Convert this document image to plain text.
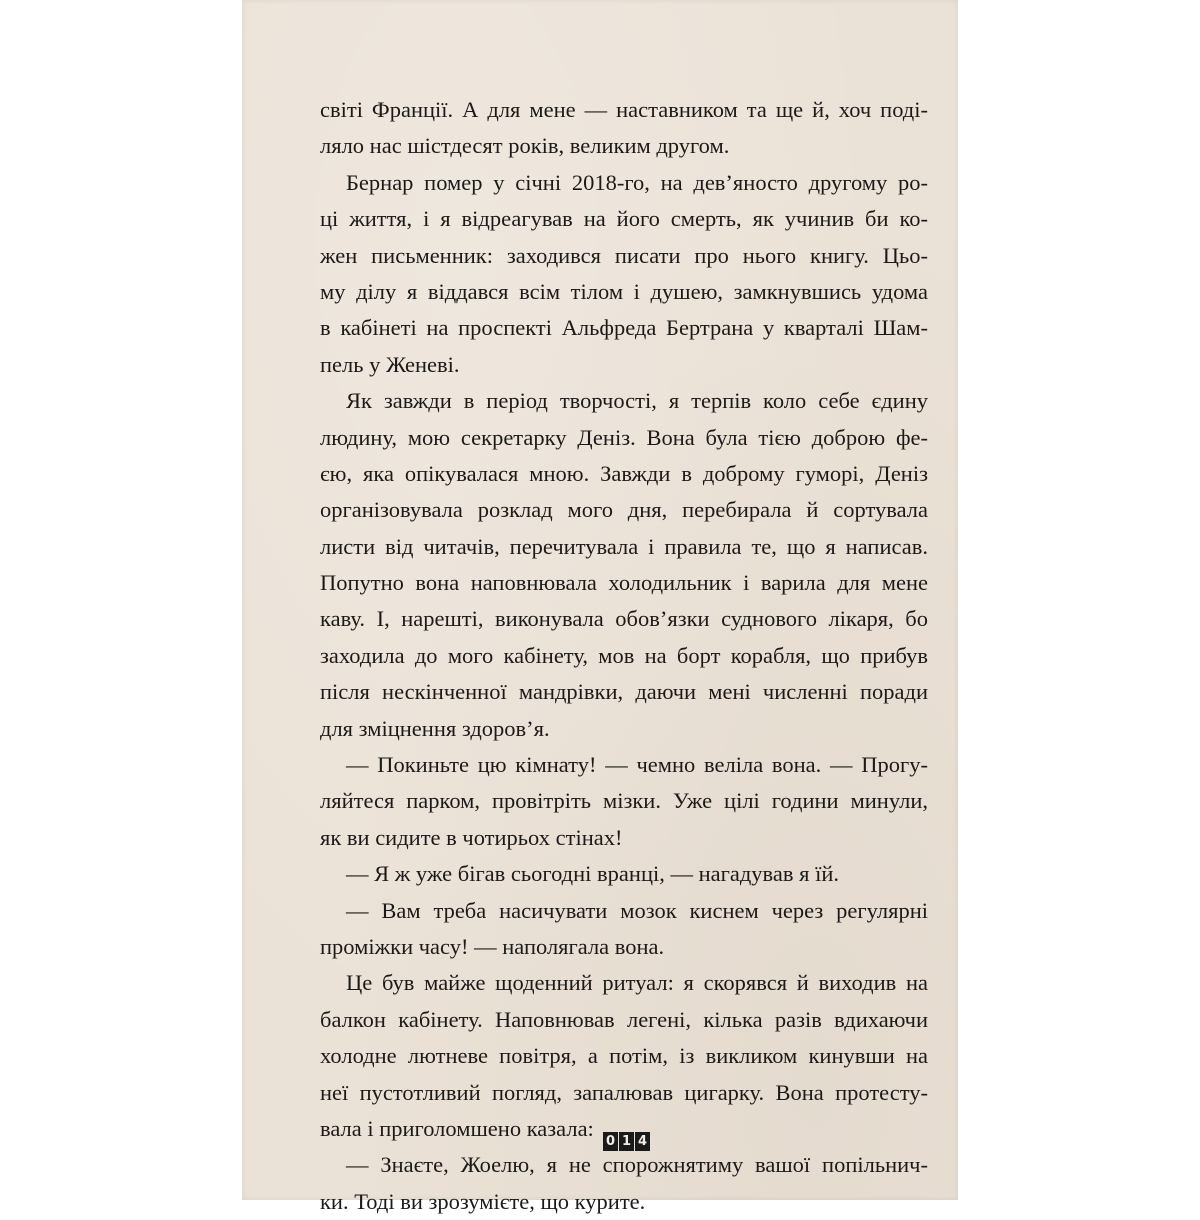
світі Франції. А для мене — наставником та ще й, хоч поді-
ляло нас шістдесят років, великим другом.
Бернар помер у січні 2018-го, на дев’яносто другому ро-
ці життя, і я відреагував на його смерть, як учинив би ко-
жен письменник: заходився писати про нього книгу. Цьо-
му ділу я віддався всім тілом і душею, замкнувшись удома
в кабінеті на проспекті Альфреда Бертрана у кварталі Шам-
пель у Женеві.
Як завжди в період творчості, я терпів коло себе єдину
людину, мою секретарку Деніз. Вона була тією доброю фе-
єю, яка опікувалася мною. Завжди в доброму гуморі, Деніз
організовувала розклад мого дня, перебирала й сортувала
листи від читачів, перечитувала і правила те, що я написав.
Попутно вона наповнювала холодильник і варила для мене
каву. І, нарешті, виконувала обов’язки суднового лікаря, бо
заходила до мого кабінету, мов на борт корабля, що прибув
після нескінченної мандрівки, даючи мені численні поради
для зміцнення здоров’я.
— Покиньте цю кімнату! — чемно веліла вона. — Прогу-
ляйтеся парком, провітріть мізки. Уже цілі години минули,
як ви сидите в чотирьох стінах!
— Я ж уже бігав сьогодні вранці, — нагадував я їй.
— Вам треба насичувати мозок киснем через регулярні
проміжки часу! — наполягала вона.
Це був майже щоденний ритуал: я скорявся й виходив на
балкон кабінету. Наповнював легені, кілька разів вдихаючи
холодне лютневе повітря, а потім, із викликом кинувши на
неї пустотливий погляд, запалював цигарку. Вона протесту-
вала і приголомшено казала:
— Знаєте, Жоелю, я не спорожнятиму вашої попільнич-
ки. Тоді ви зрозумієте, що курите.
0 1 4
